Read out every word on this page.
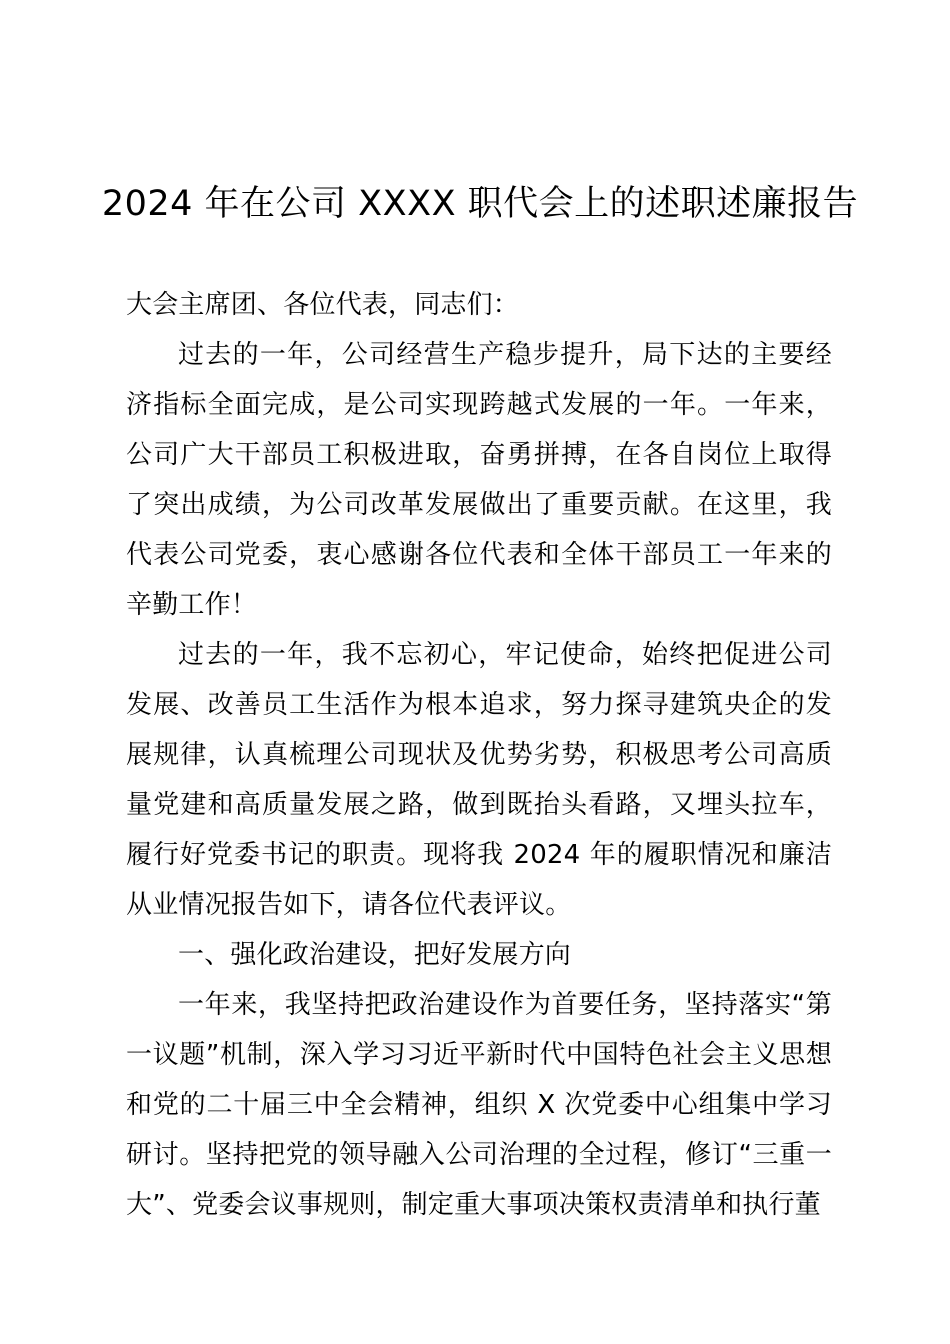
2024 年在公司 XXXX 职代会上的述职述廉报告

大会主席团、各位代表，同志们：

过去的一年，公司经营生产稳步提升，局下达的主要经济指标全面完成，是公司实现跨越式发展的一年。一年来，公司广大干部员工积极进取，奋勇拼搏，在各自岗位上取得了突出成绩，为公司改革发展做出了重要贡献。在这里，我代表公司党委，衷心感谢各位代表和全体干部员工一年来的辛勤工作！

过去的一年，我不忘初心，牢记使命，始终把促进公司发展、改善员工生活作为根本追求，努力探寻建筑央企的发展规律，认真梳理公司现状及优势劣势，积极思考公司高质量党建和高质量发展之路，做到既抬头看路，又埋头拉车，履行好党委书记的职责。现将我 2024 年的履职情况和廉洁从业情况报告如下，请各位代表评议。

一、强化政治建设，把好发展方向

一年来，我坚持把政治建设作为首要任务，坚持落实“第一议题”机制，深入学习习近平新时代中国特色社会主义思想和党的二十届三中全会精神，组织 X 次党委中心组集中学习研讨。坚持把党的领导融入公司治理的全过程，修订“三重一大”、党委会议事规则，制定重大事项决策权责清单和执行董
